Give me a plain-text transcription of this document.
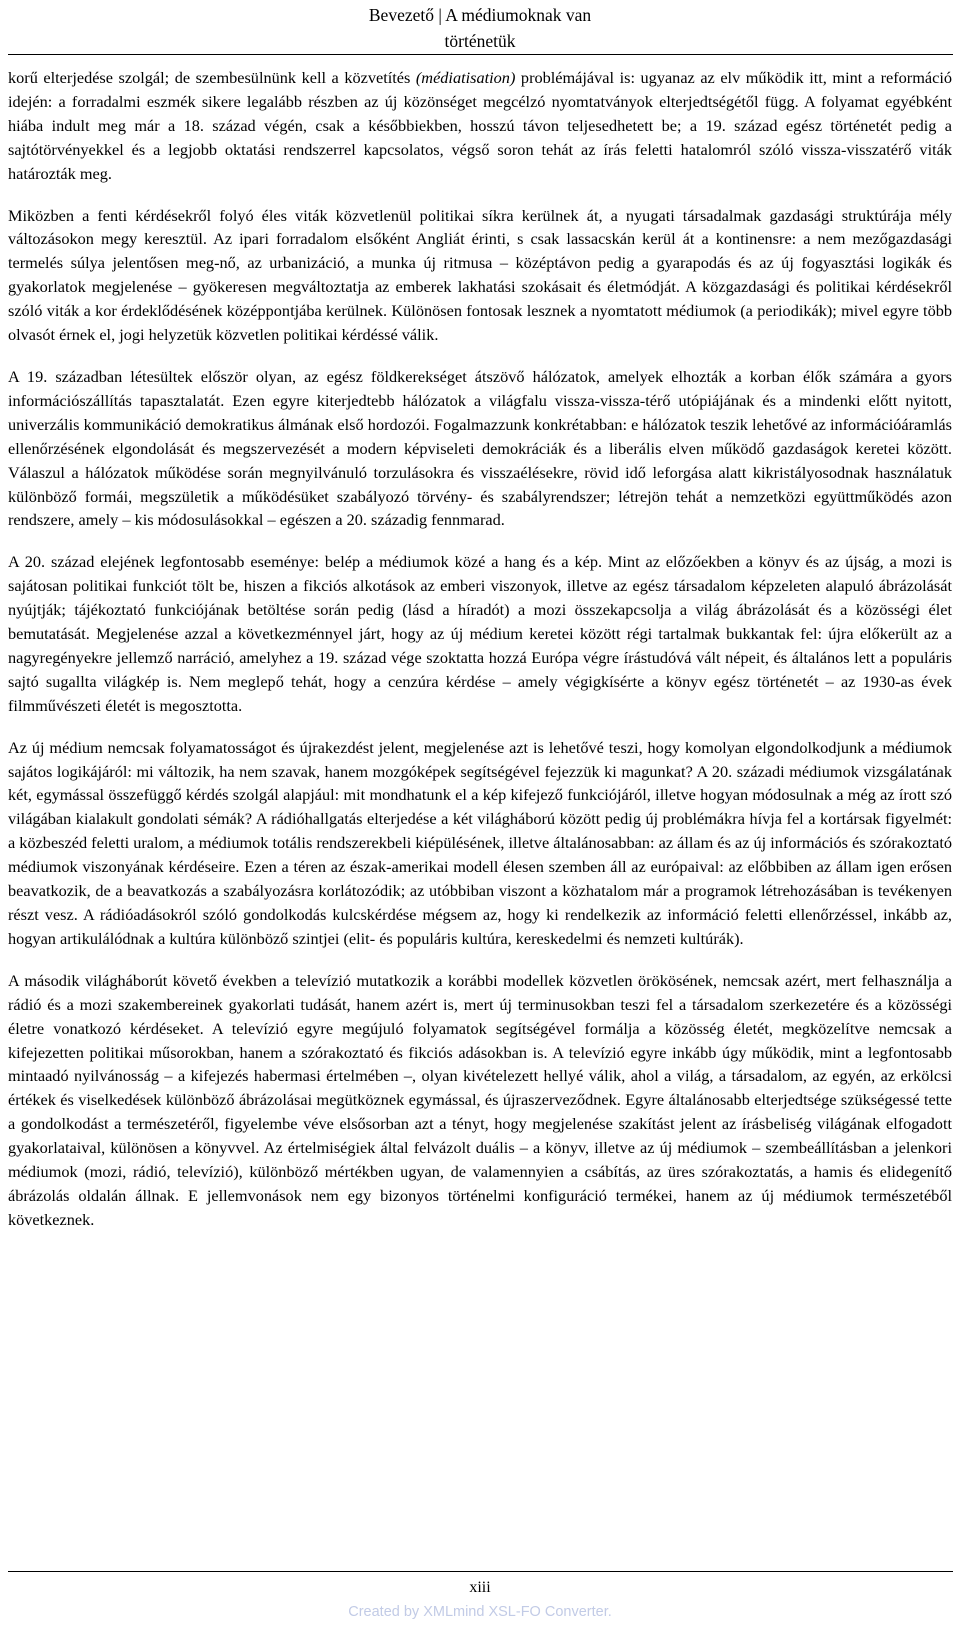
Bevezető | A médiumoknak van
történetük

korű elterjedése szolgál; de szembesülnünk kell a közvetítés (médiatisation) problémájával is: ugyanaz az elv működik itt, mint a reformáció idején: a forradalmi eszmék sikere legalább részben az új közönséget megcélzó nyomtatványok elterjedtségétől függ. A folyamat egyébként hiába indult meg már a 18. század végén, csak a későbbiekben, hosszú távon teljesedhetett be; a 19. század egész történetét pedig a sajtótörvényekkel és a legjobb oktatási rendszerrel kapcsolatos, végső soron tehát az írás feletti hatalomról szóló vissza-visszatérő viták határozták meg.

Miközben a fenti kérdésekről folyó éles viták közvetlenül politikai síkra kerülnek át, a nyugati társadalmak gazdasági struktúrája mély változásokon megy keresztül. Az ipari forradalom elsőként Angliát érinti, s csak lassacskán kerül át a kontinensre: a nem mezőgazdasági termelés súlya jelentősen meg-nő, az urbanizáció, a munka új ritmusa – középtávon pedig a gyarapodás és az új fogyasztási logikák és gyakorlatok megjelenése – gyökeresen megváltoztatja az emberek lakhatási szokásait és életmódját. A közgazdasági és politikai kérdésekről szóló viták a kor érdeklődésének középpontjába kerülnek. Különösen fontosak lesznek a nyomtatott médiumok (a periodikák); mivel egyre több olvasót érnek el, jogi helyzetük közvetlen politikai kérdéssé válik.

A 19. században létesültek először olyan, az egész földkerekséget átszövő hálózatok, amelyek elhozták a korban élők számára a gyors információszállítás tapasztalatát. Ezen egyre kiterjedtebb hálózatok a világfalu vissza-vissza-térő utópiájának és a mindenki előtt nyitott, univerzális kommunikáció demokratikus álmának első hordozói. Fogalmazzunk konkrétabban: e hálózatok teszik lehetővé az információáramlás ellenőrzésének elgondolását és megszervezését a modern képviseleti demokráciák és a liberális elven működő gazdaságok keretei között. Válaszul a hálózatok működése során megnyilvánuló torzulásokra és visszaélésekre, rövid idő leforgása alatt kikristályosodnak használatuk különböző formái, megszületik a működésüket szabályozó törvény- és szabályrendszer; létrejön tehát a nemzetközi együttműködés azon rendszere, amely – kis módosulásokkal – egészen a 20. századig fennmarad.

A 20. század elejének legfontosabb eseménye: belép a médiumok közé a hang és a kép. Mint az előzőekben a könyv és az újság, a mozi is sajátosan politikai funkciót tölt be, hiszen a fikciós alkotások az emberi viszonyok, illetve az egész társadalom képzeleten alapuló ábrázolását nyújtják; tájékoztató funkciójának betöltése során pedig (lásd a híradót) a mozi összekapcsolja a világ ábrázolását és a közösségi élet bemutatását. Megjelenése azzal a következménnyel járt, hogy az új médium keretei között régi tartalmak bukkantak fel: újra előkerült az a nagyregényekre jellemző narráció, amelyhez a 19. század vége szoktatta hozzá Európa végre írástudóvá vált népeit, és általános lett a populáris sajtó sugallta világkép is. Nem meglepő tehát, hogy a cenzúra kérdése – amely végigkísérte a könyv egész történetét – az 1930-as évek filmművészeti életét is megosztotta.

Az új médium nemcsak folyamatosságot és újrakezdést jelent, megjelenése azt is lehetővé teszi, hogy komolyan elgondolkodjunk a médiumok sajátos logikájáról: mi változik, ha nem szavak, hanem mozgóképek segítségével fejezzük ki magunkat? A 20. századi médiumok vizsgálatának két, egymással összefüggő kérdés szolgál alapjául: mit mondhatunk el a kép kifejező funkciójáról, illetve hogyan módosulnak a még az írott szó világában kialakult gondolati sémák? A rádióhallgatás elterjedése a két világháború között pedig új problémákra hívja fel a kortársak figyelmét: a közbeszéd feletti uralom, a médiumok totális rendszerekbeli kiépülésének, illetve általánosabban: az állam és az új információs és szórakoztató médiumok viszonyának kérdéseire. Ezen a téren az észak-amerikai modell élesen szemben áll az európaival: az előbbiben az állam igen erősen beavatkozik, de a beavatkozás a szabályozásra korlátozódik; az utóbbiban viszont a közhatalom már a programok létrehozásában is tevékenyen részt vesz. A rádióadásokról szóló gondolkodás kulcskérdése mégsem az, hogy ki rendelkezik az információ feletti ellenőrzéssel, inkább az, hogyan artikulálódnak a kultúra különböző szintjei (elit- és populáris kultúra, kereskedelmi és nemzeti kultúrák).

A második világháborút követő években a televízió mutatkozik a korábbi modellek közvetlen örökösének, nemcsak azért, mert felhasználja a rádió és a mozi szakembereinek gyakorlati tudását, hanem azért is, mert új terminusokban teszi fel a társadalom szerkezetére és a közösségi életre vonatkozó kérdéseket. A televízió egyre megújuló folyamatok segítségével formálja a közösség életét, megközelítve nemcsak a kifejezetten politikai műsorokban, hanem a szórakoztató és fikciós adásokban is. A televízió egyre inkább úgy működik, mint a legfontosabb mintaadó nyilvánosság – a kifejezés habermasi értelmében –, olyan kivételezett hellyé válik, ahol a világ, a társadalom, az egyén, az erkölcsi értékek és viselkedések különböző ábrázolásai megütköznek egymással, és újraszerveződnek. Egyre általánosabb elterjedtsége szükségessé tette a gondolkodást a természetéről, figyelembe véve elsősorban azt a tényt, hogy megjelenése szakítást jelent az írásbeliség világának elfogadott gyakorlataival, különösen a könyvvel. Az értelmiségiek által felvázolt duális – a könyv, illetve az új médiumok – szembeállításban a jelenkori médiumok (mozi, rádió, televízió), különböző mértékben ugyan, de valamennyien a csábítás, az üres szórakoztatás, a hamis és elidegenítő ábrázolás oldalán állnak. E jellemvonások nem egy bizonyos történelmi konfiguráció termékei, hanem az új médiumok természetéből következnek.

xiii
Created by XMLmind XSL-FO Converter.
